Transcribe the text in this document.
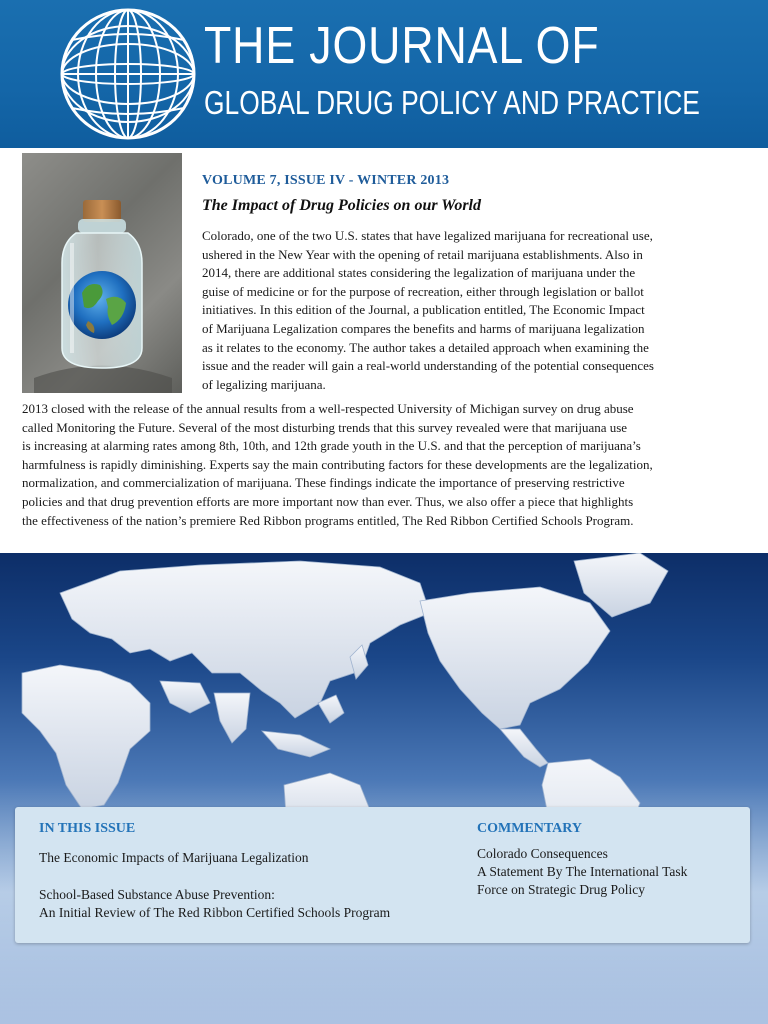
THE JOURNAL OF
GLOBAL DRUG POLICY AND PRACTICE
VOLUME 7, ISSUE IV - WINTER 2013
The Impact of Drug Policies on our World

Colorado, one of the two U.S. states that have legalized marijuana for recreational use,
ushered in the New Year with the opening of retail marijuana establishments. Also in
2014, there are additional states considering the legalization of marijuana under the
guise of medicine or for the purpose of recreation, either through legislation or ballot
initiatives. In this edition of the Journal, a publication entitled, The Economic Impact
of Marijuana Legalization compares the benefits and harms of marijuana legalization
as it relates to the economy. The author takes a detailed approach when examining the
issue and the reader will gain a real-world understanding of the potential consequences
of legalizing marijuana.

2013 closed with the release of the annual results from a well-respected University of Michigan survey on drug abuse
called Monitoring the Future. Several of the most disturbing trends that this survey revealed were that marijuana use
is increasing at alarming rates among 8th, 10th, and 12th grade youth in the U.S. and that the perception of marijuana’s
harmfulness is rapidly diminishing. Experts say the main contributing factors for these developments are the legalization,
normalization, and commercialization of marijuana. These findings indicate the importance of preserving restrictive
policies and that drug prevention efforts are more important now than ever. Thus, we also offer a piece that highlights
the effectiveness of the nation’s premiere Red Ribbon programs entitled, The Red Ribbon Certified Schools Program.

IN THIS ISSUE
The Economic Impacts of Marijuana Legalization
School-Based Substance Abuse Prevention:
An Initial Review of The Red Ribbon Certified Schools Program
COMMENTARY
Colorado Consequences
A Statement By The International Task
Force on Strategic Drug Policy
